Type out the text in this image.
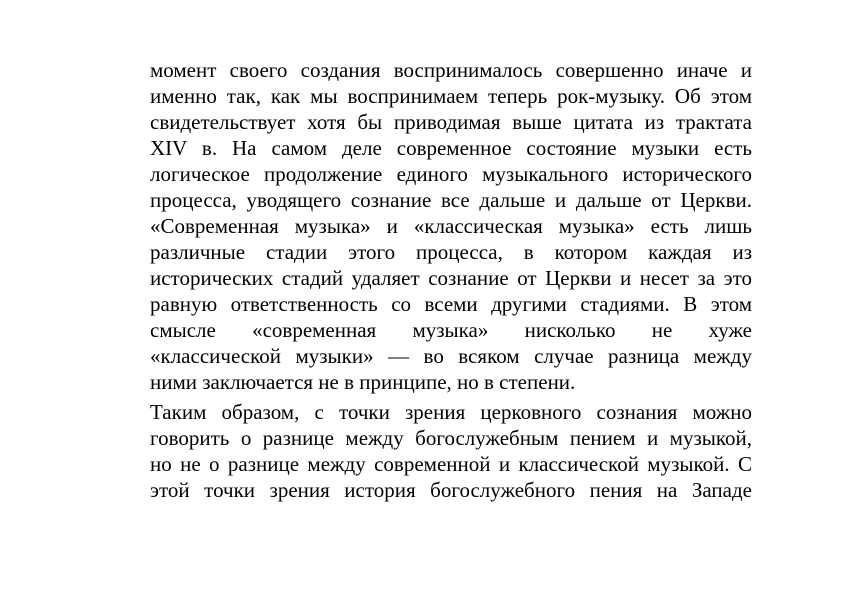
момент своего создания воспринималось совершенно иначе и
именно так, как мы воспринимаем теперь рок-музыку. Об этом
свидетельствует хотя бы приводимая выше цитата из трактата
XIV в. На самом деле современное состояние музыки есть
логическое продолжение единого музыкального исторического
процесса, уводящего сознание все дальше и дальше от Церкви.
«Современная музыка» и «классическая музыка» есть лишь
различные стадии этого процесса, в котором каждая из
исторических стадий удаляет сознание от Церкви и несет за это
равную ответственность со всеми другими стадиями. В этом
смысле «современная музыка» нисколько не хуже
«классической музыки» — во всяком случае разница между
ними заключается не в принципе, но в степени.

Таким образом, с точки зрения церковного сознания можно
говорить о разнице между богослужебным пением и музыкой,
но не о разнице между современной и классической музыкой. С
этой точки зрения история богослужебного пения на Западе
